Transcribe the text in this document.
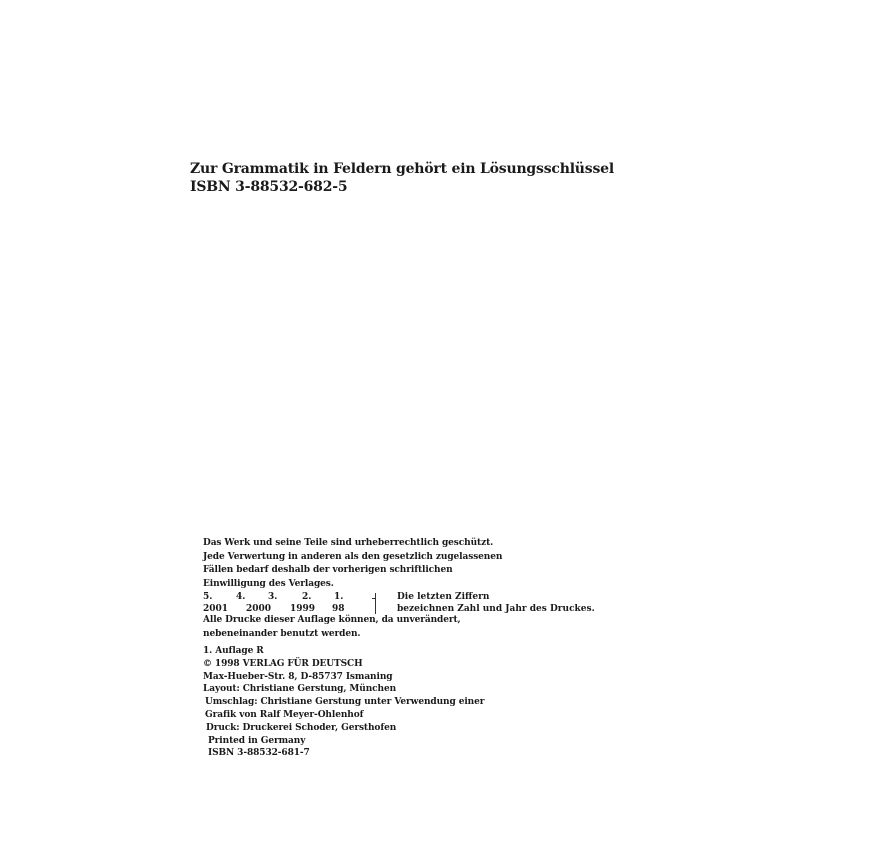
Zur Grammatik in Feldern gehört ein Lösungsschlüssel
ISBN 3-88532-682-5
Das Werk und seine Teile sind urheberrechtlich geschützt.
Jede Verwertung in anderen als den gesetzlich zugelassenen
Fällen bedarf deshalb der vorherigen schriftlichen
Einwilligung des Verlages.
5.	4.	3.	2.	1.	Die letzten Ziffern
2001 2000 1999 98	bezeichnen Zahl und Jahr des Druckes.
Alle Drucke dieser Auflage können, da unverändert,
nebeneinander benutzt werden.
1. Auflage R
© 1998 VERLAG FÜR DEUTSCH
Max-Hueber-Str. 8, D-85737 Ismaning
Layout: Christiane Gerstung, München
Umschlag: Christiane Gerstung unter Verwendung einer
Grafik von Ralf Meyer-Ohlenhof
Druck: Druckerei Schoder, Gersthofen
Printed in Germany
ISBN 3-88532-681-7
